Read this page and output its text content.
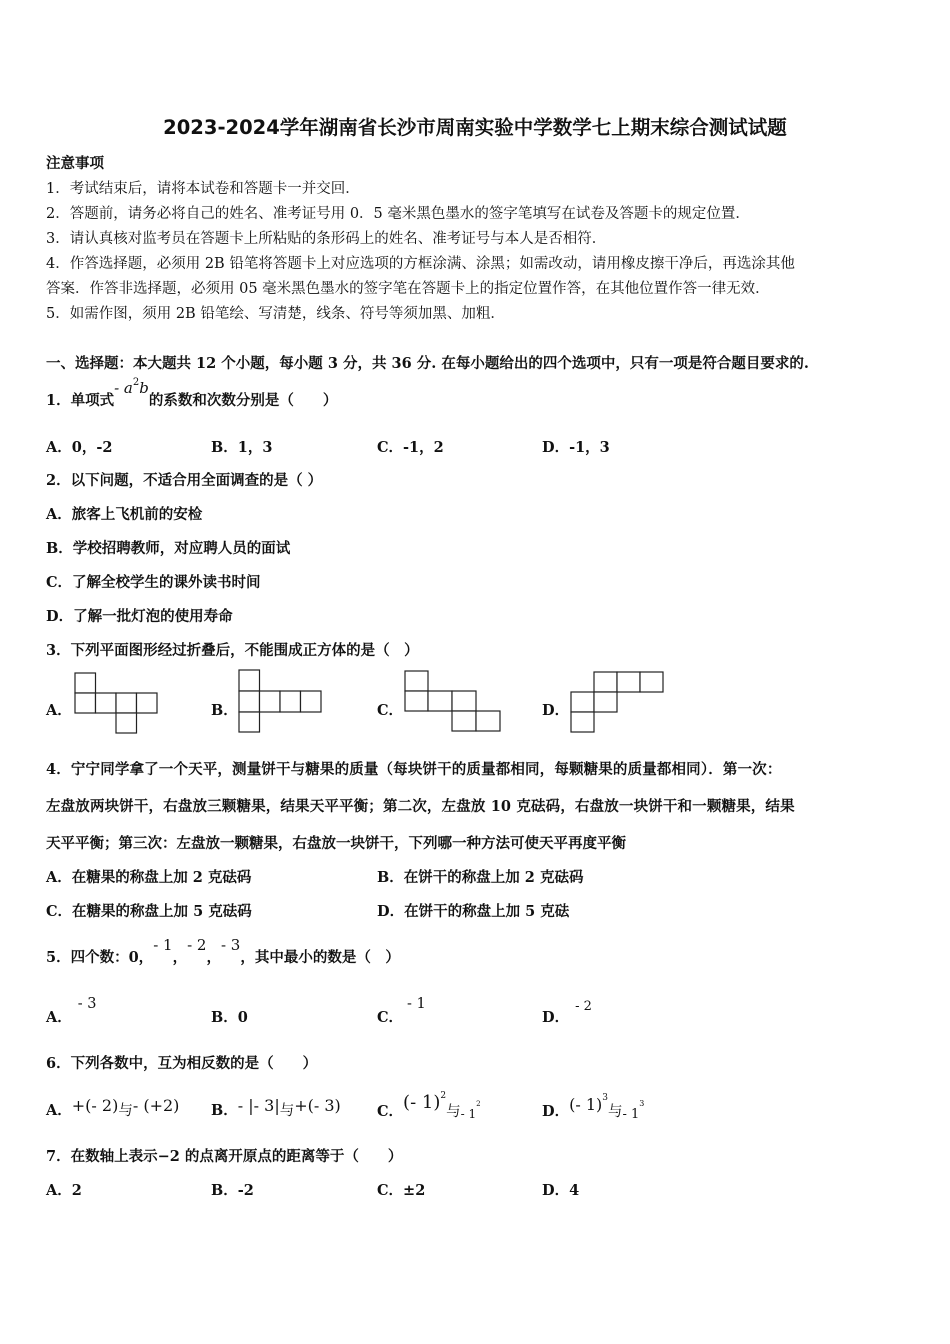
2023-2024学年湖南省长沙市周南实验中学数学七上期末综合测试试题
注意事项
1．考试结束后，请将本试卷和答题卡一并交回．
2．答题前，请务必将自己的姓名、准考证号用 0．5 毫米黑色墨水的签字笔填写在试卷及答题卡的规定位置．
3．请认真核对监考员在答题卡上所粘贴的条形码上的姓名、准考证号与本人是否相符．
4．作答选择题，必须用 2B 铅笔将答题卡上对应选项的方框涂满、涂黑；如需改动，请用橡皮擦干净后，再选涂其他
答案．作答非选择题，必须用 05 毫米黑色墨水的签字笔在答题卡上的指定位置作答，在其他位置作答一律无效．
5．如需作图，须用 2B 铅笔绘、写清楚，线条、符号等须加黑、加粗．
一、选择题：本大题共 12 个小题，每小题 3 分，共 36 分. 在每小题给出的四个选项中，只有一项是符合题目要求的.
1．单项式- $a^2b$的系数和次数分别是（　　）
A．0，-2	B．1，3	C．-1，2	D．-1，3
2．以下问题，不适合用全面调查的是（ ）
A．旅客上飞机前的安检
B．学校招聘教师，对应聘人员的面试
C．了解全校学生的课外读书时间
D．了解一批灯泡的使用寿命
3．下列平面图形经过折叠后，不能围成正方体的是（　）
A．	B．	C．	D．
4．宁宁同学拿了一个天平，测量饼干与糖果的质量（每块饼干的质量都相同，每颗糖果的质量都相同）．第一次：
左盘放两块饼干，右盘放三颗糖果，结果天平平衡；第二次，左盘放 10 克砝码，右盘放一块饼干和一颗糖果，结果
天平平衡；第三次：左盘放一颗糖果，右盘放一块饼干，下列哪一种方法可使天平再度平衡
A．在糖果的称盘上加 2 克砝码	B．在饼干的称盘上加 2 克砝码
C．在糖果的称盘上加 5 克砝码	D．在饼干的称盘上加 5 克砝
5．四个数：0，- 1，- 2，- 3，其中最小的数是（　）
A．- 3
B．0	C．- 1
D．- 2
6．下列各数中，互为相反数的是（　　）
A．+(- 2)与- (+2) B．- |- 3|与+(- 3) C．(- 1)$^2$与- $1^2$	D．(- 1)$^3$与- $1^3$
7．在数轴上表示−2 的点离开原点的距离等于（　　）
A．2	B．-2	C．±2	D．4
